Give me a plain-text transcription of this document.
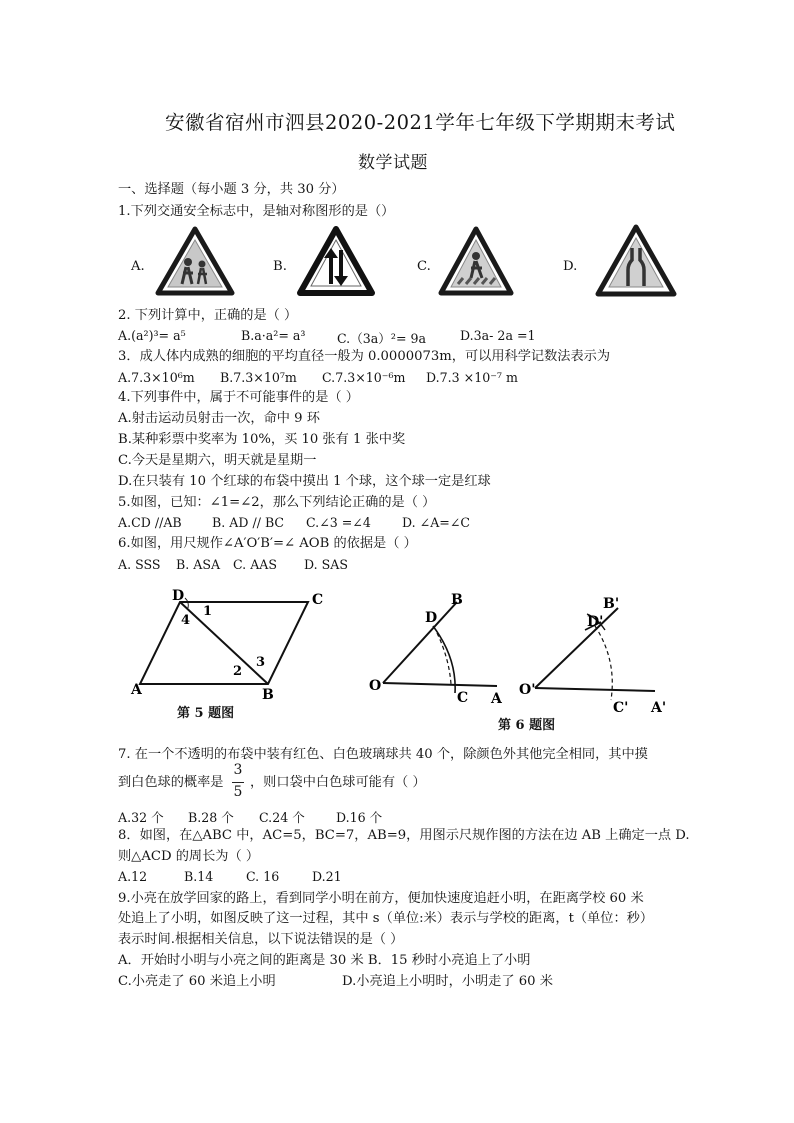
安徽省宿州市泗县2020-2021学年七年级下学期期末考试
数学试题
一、选择题（每小题 3 分，共 30 分）
1.下列交通安全标志中，是轴对称图形的是（）
A.	B.	C.	D.
2. 下列计算中，正确的是（ ）
A.(a²)³= a⁵	B.a·a²= a³	C.（3a）²= 9a	D.3a- 2a =1
3．成人体内成熟的细胞的平均直径一般为 0.0000073m，可以用科学记数法表示为
A.7.3×10⁶m B.7.3×10⁷m C.7.3×10⁻⁶m D.7.3 ×10⁻⁷ m
4.下列事件中，属于不可能事件的是（ ）
A.射击运动员射击一次，命中 9 环
B.某种彩票中奖率为 10%，买 10 张有 1 张中奖
C.今天是星期六，明天就是星期一
D.在只装有 10 个红球的布袋中摸出 1 个球，这个球一定是红球
5.如图，已知：∠1=∠2，那么下列结论正确的是（ ）
A.CD //AB B. AD // BC C.∠3 =∠4 D. ∠A=∠C
6.如图，用尺规作∠A′O′B′=∠ AOB 的依据是（ ）
A. SSS B. ASA C. AAS D. SAS
D	C
A	B
1
2
3
4
第 5 题图
O
A
B
C
D
O'
A'
B'
C'
D'
第 6 题图
7. 在一个不透明的布袋中装有红色、白色玻璃球共 40 个，除颜色外其他完全相同，其中摸
到白色球的概率是
3
5
，则口袋中白色球可能有（ ）
A.32 个 B.28 个 C.24 个 D.16 个
8．如图，在△ABC 中，AC=5，BC=7，AB=9，用图示尺规作图的方法在边 AB 上确定一点 D.
则△ACD 的周长为（ ）
A.12	B.14	C. 16	D.21
9.小亮在放学回家的路上，看到同学小明在前方，便加快速度追赶小明，在距离学校 60 米
处追上了小明，如图反映了这一过程，其中 s（单位:米）表示与学校的距离，t（单位：秒）
表示时间.根据相关信息，以下说法错误的是（ ）
A．开始时小明与小亮之间的距离是 30 米 B．15 秒时小亮追上了小明
C.小亮走了 60 米追上小明	D.小亮追上小明时，小明走了 60 米
